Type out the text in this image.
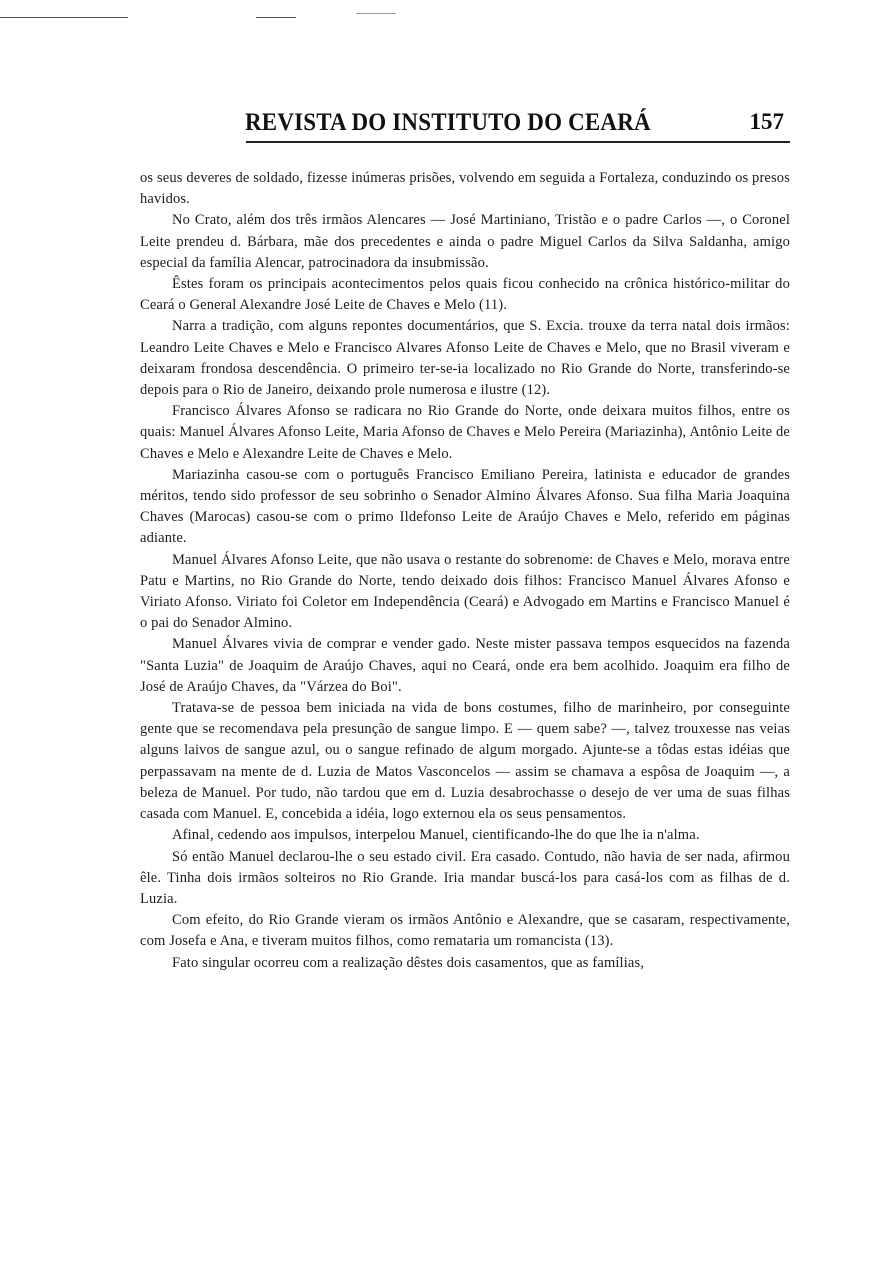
REVISTA DO INSTITUTO DO CEARÁ	157

os seus deveres de soldado, fizesse inúmeras prisões, volvendo em seguida a Fortaleza, conduzindo os presos havidos.

No Crato, além dos três irmãos Alencares — José Martiniano, Tristão e o padre Carlos —, o Coronel Leite prendeu d. Bárbara, mãe dos precedentes e ainda o padre Miguel Carlos da Silva Saldanha, amigo especial da família Alencar, patrocinadora da insubmissão.

Êstes foram os principais acontecimentos pelos quais ficou conhecido na crônica histórico-militar do Ceará o General Alexandre José Leite de Chaves e Melo (11).

Narra a tradição, com alguns repontes documentários, que S. Excia. trouxe da terra natal dois irmãos: Leandro Leite Chaves e Melo e Francisco Alvares Afonso Leite de Chaves e Melo, que no Brasil viveram e deixaram frondosa descendência. O primeiro ter-se-ia localizado no Rio Grande do Norte, transferindo-se depois para o Rio de Janeiro, deixando prole numerosa e ilustre (12).

Francisco Álvares Afonso se radicara no Rio Grande do Norte, onde deixara muitos filhos, entre os quais: Manuel Álvares Afonso Leite, Maria Afonso de Chaves e Melo Pereira (Mariazinha), Antônio Leite de Chaves e Melo e Alexandre Leite de Chaves e Melo.

Mariazinha casou-se com o português Francisco Emiliano Pereira, latinista e educador de grandes méritos, tendo sido professor de seu sobrinho o Senador Almino Álvares Afonso. Sua filha Maria Joaquina Chaves (Marocas) casou-se com o primo Ildefonso Leite de Araújo Chaves e Melo, referido em páginas adiante.

Manuel Álvares Afonso Leite, que não usava o restante do sobrenome: de Chaves e Melo, morava entre Patu e Martins, no Rio Grande do Norte, tendo deixado dois filhos: Francisco Manuel Álvares Afonso e Viriato Afonso. Viriato foi Coletor em Independência (Ceará) e Advogado em Martins e Francisco Manuel é o pai do Senador Almino.

Manuel Álvares vivia de comprar e vender gado. Neste mister passava tempos esquecidos na fazenda "Santa Luzia" de Joaquim de Araújo Chaves, aqui no Ceará, onde era bem acolhido. Joaquim era filho de José de Araújo Chaves, da "Várzea do Boi".

Tratava-se de pessoa bem iniciada na vida de bons costumes, filho de marinheiro, por conseguinte gente que se recomendava pela presunção de sangue limpo. E — quem sabe? —, talvez trouxesse nas veias alguns laivos de sangue azul, ou o sangue refinado de algum morgado. Ajunte-se a tôdas estas idéias que perpassavam na mente de d. Luzia de Matos Vasconcelos — assim se chamava a espôsa de Joaquim —, a beleza de Manuel. Por tudo, não tardou que em d. Luzia desabrochasse o desejo de ver uma de suas filhas casada com Manuel. E, concebida a idéia, logo externou ela os seus pensamentos.

Afinal, cedendo aos impulsos, interpelou Manuel, cientificando-lhe do que lhe ia n'alma.

Só então Manuel declarou-lhe o seu estado civil. Era casado. Contudo, não havia de ser nada, afirmou êle. Tinha dois irmãos solteiros no Rio Grande. Iria mandar buscá-los para casá-los com as filhas de d. Luzia.

Com efeito, do Rio Grande vieram os irmãos Antônio e Alexandre, que se casaram, respectivamente, com Josefa e Ana, e tiveram muitos filhos, como remataria um romancista (13).

Fato singular ocorreu com a realização dêstes dois casamentos, que as famílias,
